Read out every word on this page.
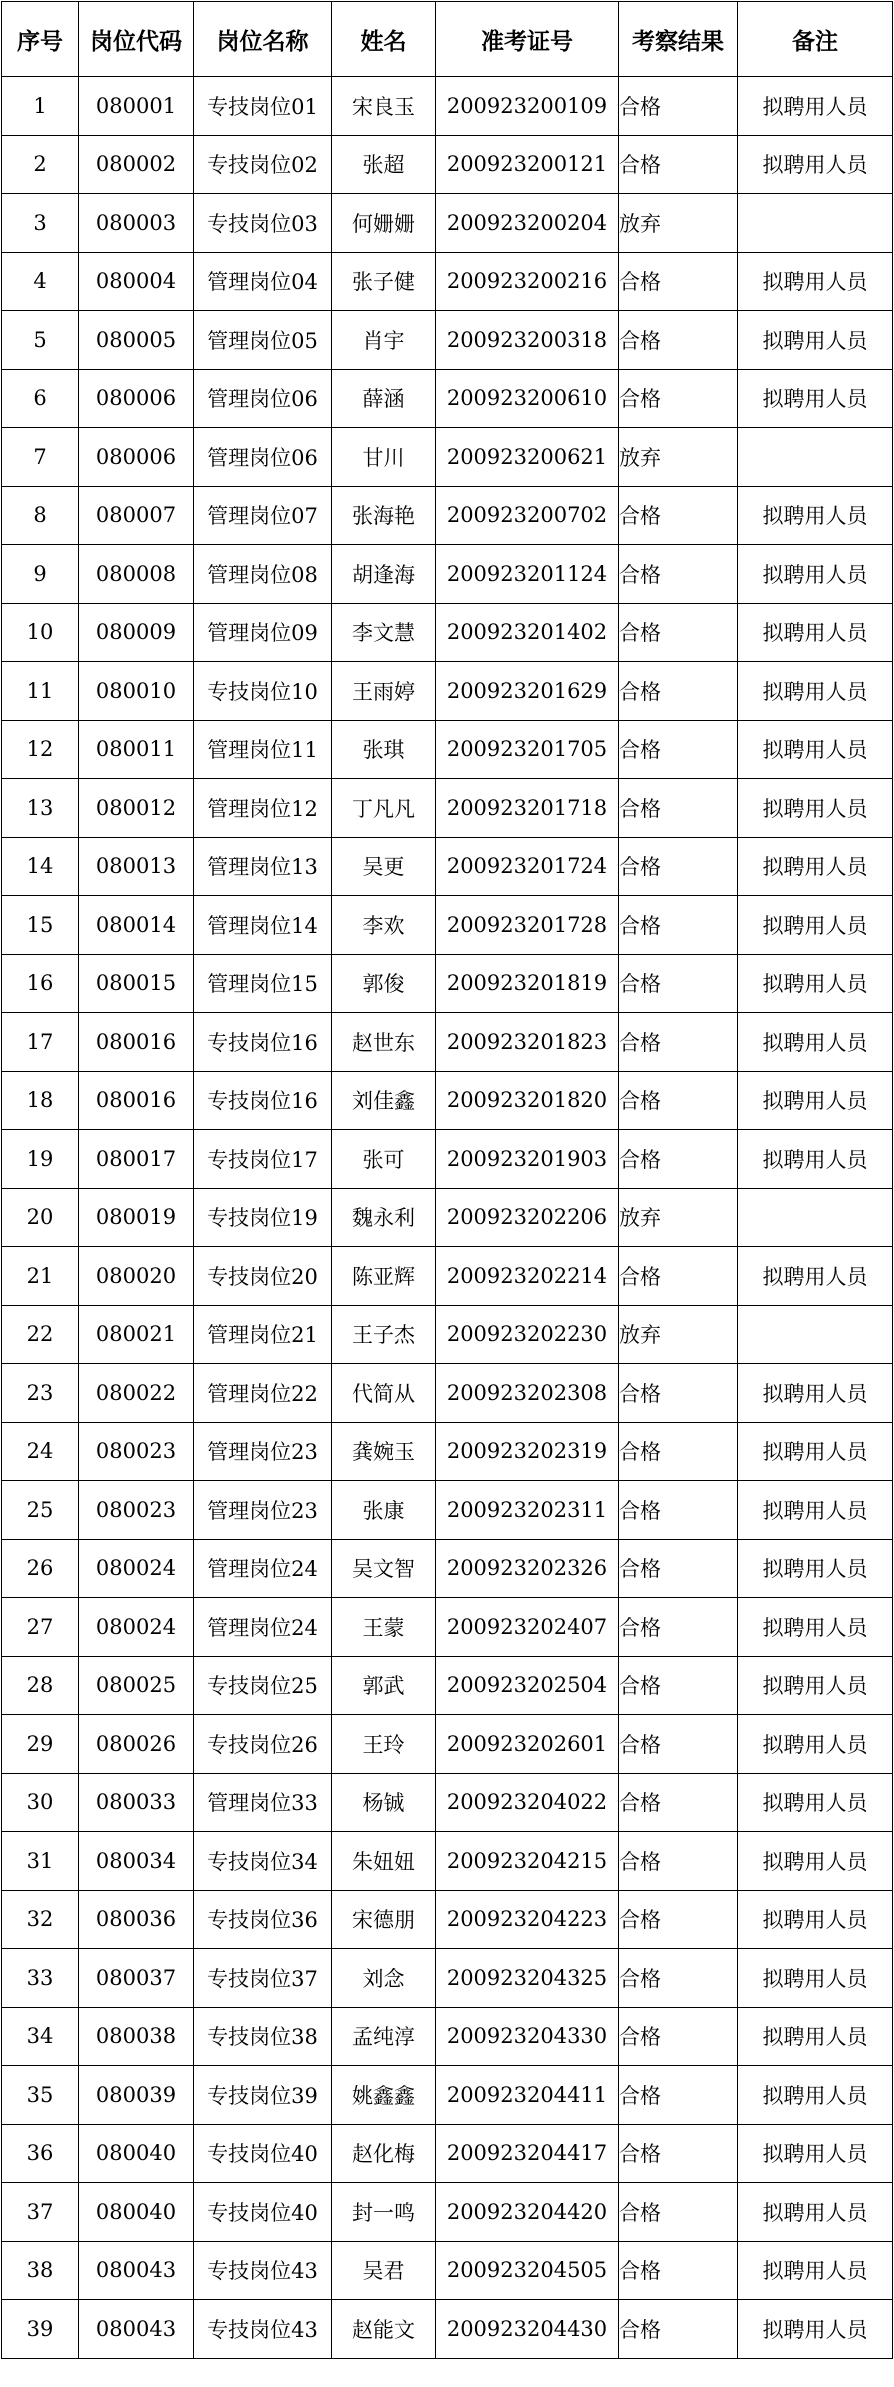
序号	岗位代码	岗位名称	姓名	准考证号	考察结果	备注
1	080001	专技岗位01	宋良玉	200923200109	合格	拟聘用人员
2	080002	专技岗位02	张超	200923200121	合格	拟聘用人员
3	080003	专技岗位03	何姗姗	200923200204	放弃	
4	080004	管理岗位04	张子健	200923200216	合格	拟聘用人员
5	080005	管理岗位05	肖宇	200923200318	合格	拟聘用人员
6	080006	管理岗位06	薛涵	200923200610	合格	拟聘用人员
7	080006	管理岗位06	甘川	200923200621	放弃	
8	080007	管理岗位07	张海艳	200923200702	合格	拟聘用人员
9	080008	管理岗位08	胡逢海	200923201124	合格	拟聘用人员
10	080009	管理岗位09	李文慧	200923201402	合格	拟聘用人员
11	080010	专技岗位10	王雨婷	200923201629	合格	拟聘用人员
12	080011	管理岗位11	张琪	200923201705	合格	拟聘用人员
13	080012	管理岗位12	丁凡凡	200923201718	合格	拟聘用人员
14	080013	管理岗位13	吴更	200923201724	合格	拟聘用人员
15	080014	管理岗位14	李欢	200923201728	合格	拟聘用人员
16	080015	管理岗位15	郭俊	200923201819	合格	拟聘用人员
17	080016	专技岗位16	赵世东	200923201823	合格	拟聘用人员
18	080016	专技岗位16	刘佳鑫	200923201820	合格	拟聘用人员
19	080017	专技岗位17	张可	200923201903	合格	拟聘用人员
20	080019	专技岗位19	魏永利	200923202206	放弃	
21	080020	专技岗位20	陈亚辉	200923202214	合格	拟聘用人员
22	080021	管理岗位21	王子杰	200923202230	放弃	
23	080022	管理岗位22	代简从	200923202308	合格	拟聘用人员
24	080023	管理岗位23	龚婉玉	200923202319	合格	拟聘用人员
25	080023	管理岗位23	张康	200923202311	合格	拟聘用人员
26	080024	管理岗位24	吴文智	200923202326	合格	拟聘用人员
27	080024	管理岗位24	王蒙	200923202407	合格	拟聘用人员
28	080025	专技岗位25	郭武	200923202504	合格	拟聘用人员
29	080026	专技岗位26	王玲	200923202601	合格	拟聘用人员
30	080033	管理岗位33	杨铖	200923204022	合格	拟聘用人员
31	080034	专技岗位34	朱妞妞	200923204215	合格	拟聘用人员
32	080036	专技岗位36	宋德朋	200923204223	合格	拟聘用人员
33	080037	专技岗位37	刘念	200923204325	合格	拟聘用人员
34	080038	专技岗位38	孟纯淳	200923204330	合格	拟聘用人员
35	080039	专技岗位39	姚鑫鑫	200923204411	合格	拟聘用人员
36	080040	专技岗位40	赵化梅	200923204417	合格	拟聘用人员
37	080040	专技岗位40	封一鸣	200923204420	合格	拟聘用人员
38	080043	专技岗位43	吴君	200923204505	合格	拟聘用人员
39	080043	专技岗位43	赵能文	200923204430	合格	拟聘用人员
